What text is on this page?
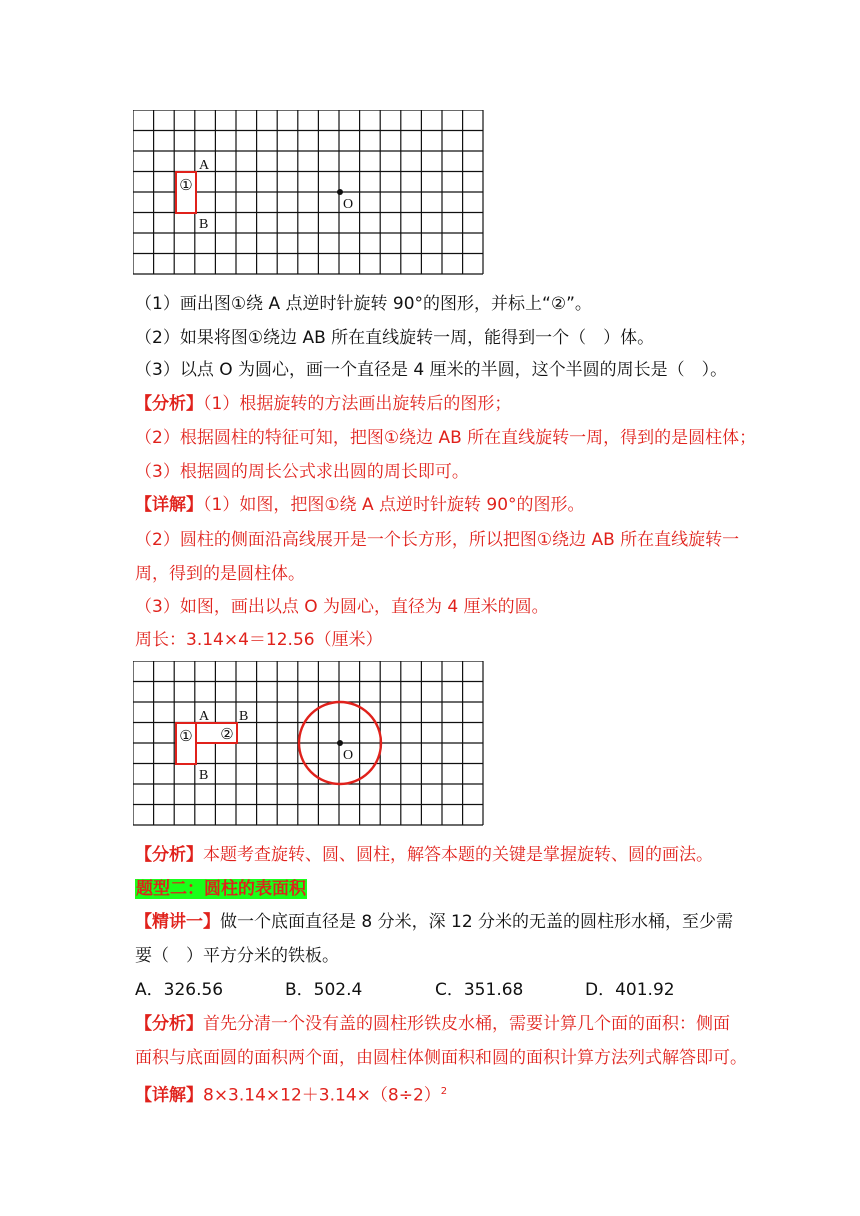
①
A
B
O
（1）画出图①绕 A 点逆时针旋转 90°的图形，并标上“②”。
（2）如果将图①绕边 AB 所在直线旋转一周，能得到一个（　）体。
（3）以点 O 为圆心，画一个直径是 4 厘米的半圆，这个半圆的周长是（　）。
【分析】（1）根据旋转的方法画出旋转后的图形；
（2）根据圆柱的特征可知，把图①绕边 AB 所在直线旋转一周，得到的是圆柱体；
（3）根据圆的周长公式求出圆的周长即可。
【详解】（1）如图，把图①绕 A 点逆时针旋转 90°的图形。
（2）圆柱的侧面沿高线展开是一个长方形，所以把图①绕边 AB 所在直线旋转一
周，得到的是圆柱体。
（3）如图，画出以点 O 为圆心，直径为 4 厘米的圆。
周长：3.14×4＝12.56（厘米）
① ②
A B
B
O
【分析】本题考查旋转、圆、圆柱，解答本题的关键是掌握旋转、圆的画法。
题型二：圆柱的表面积
【精讲一】做一个底面直径是 8 分米，深 12 分米的无盖的圆柱形水桶，至少需
要（　）平方分米的铁板。
A．326.56	B．502.4	C．351.68	D．401.92
【分析】首先分清一个没有盖的圆柱形铁皮水桶，需要计算几个面的面积：侧面
面积与底面圆的面积两个面，由圆柱体侧面积和圆的面积计算方法列式解答即可。
【详解】$8\times 3.14\times 12+3.14\times(8\div 2)^2$
